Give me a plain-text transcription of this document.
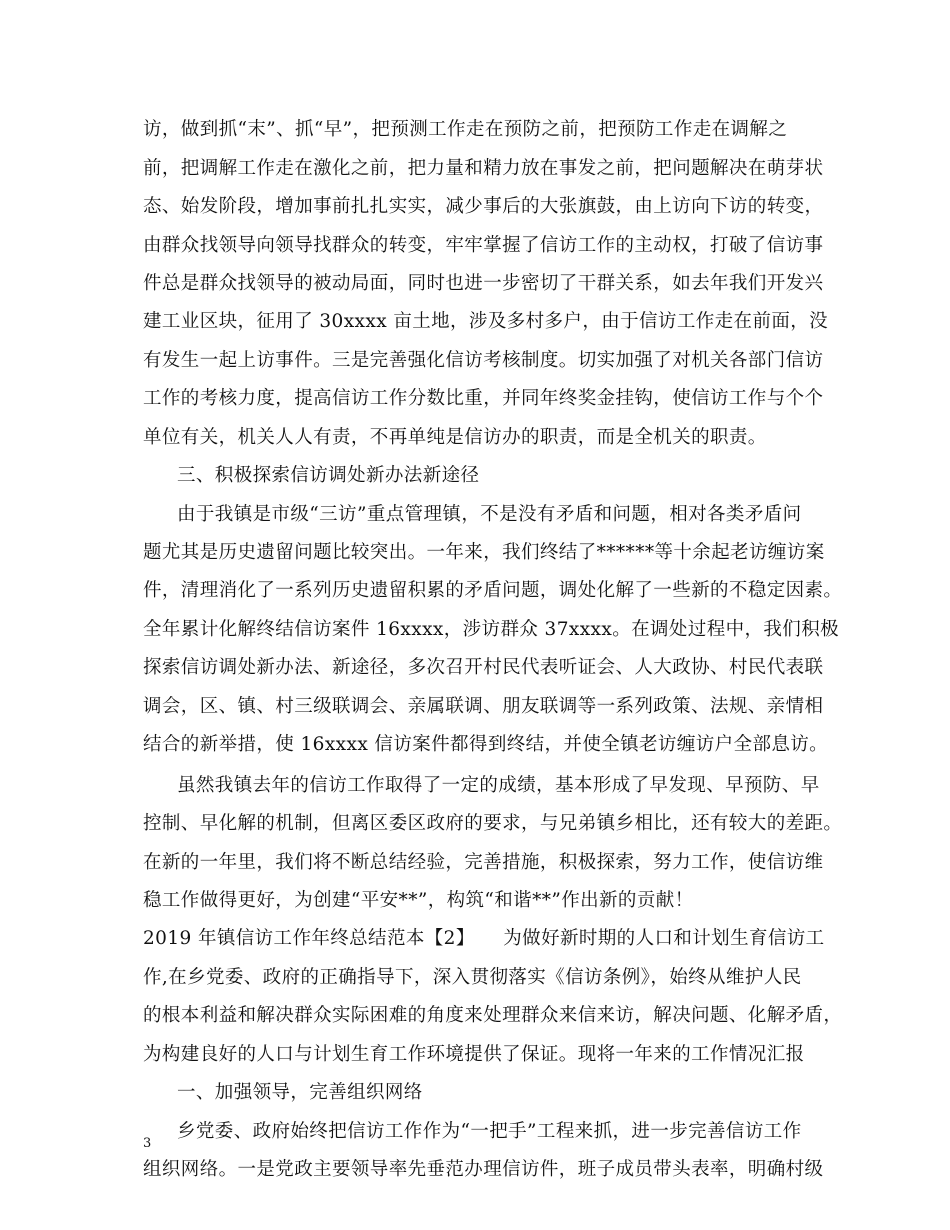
访，做到抓“末”、抓“早”，把预测工作走在预防之前，把预防工作走在调解之
前，把调解工作走在激化之前，把力量和精力放在事发之前，把问题解决在萌芽状
态、始发阶段，增加事前扎扎实实，减少事后的大张旗鼓，由上访向下访的转变，
由群众找领导向领导找群众的转变，牢牢掌握了信访工作的主动权，打破了信访事
件总是群众找领导的被动局面，同时也进一步密切了干群关系，如去年我们开发兴
建工业区块，征用了 30xxxx 亩土地，涉及多村多户，由于信访工作走在前面，没
有发生一起上访事件。三是完善强化信访考核制度。切实加强了对机关各部门信访
工作的考核力度，提高信访工作分数比重，并同年终奖金挂钩，使信访工作与个个
单位有关，机关人人有责，不再单纯是信访办的职责，而是全机关的职责。
三、积极探索信访调处新办法新途径
由于我镇是市级“三访”重点管理镇，不是没有矛盾和问题，相对各类矛盾问
题尤其是历史遗留问题比较突出。一年来，我们终结了******等十余起老访缠访案
件，清理消化了一系列历史遗留积累的矛盾问题，调处化解了一些新的不稳定因素。
全年累计化解终结信访案件 16xxxx，涉访群众 37xxxx。在调处过程中，我们积极
探索信访调处新办法、新途径，多次召开村民代表听证会、人大政协、村民代表联
调会，区、镇、村三级联调会、亲属联调、朋友联调等一系列政策、法规、亲情相
结合的新举措，使 16xxxx 信访案件都得到终结，并使全镇老访缠访户全部息访。
虽然我镇去年的信访工作取得了一定的成绩，基本形成了早发现、早预防、早
控制、早化解的机制，但离区委区政府的要求，与兄弟镇乡相比，还有较大的差距。
在新的一年里，我们将不断总结经验，完善措施，积极探索，努力工作，使信访维
稳工作做得更好，为创建“平安**”，构筑“和谐**”作出新的贡献！
2019 年镇信访工作年终总结范本【2】　　为做好新时期的人口和计划生育信访工
作,在乡党委、政府的正确指导下，深入贯彻落实《信访条例》，始终从维护人民
的根本利益和解决群众实际困难的角度来处理群众来信来访，解决问题、化解矛盾，
为构建良好的人口与计划生育工作环境提供了保证。现将一年来的工作情况汇报
一、加强领导，完善组织网络
乡党委、政府始终把信访工作作为“一把手”工程来抓，进一步完善信访工作
组织网络。一是党政主要领导率先垂范办理信访件，班子成员带头表率，明确村级
3
